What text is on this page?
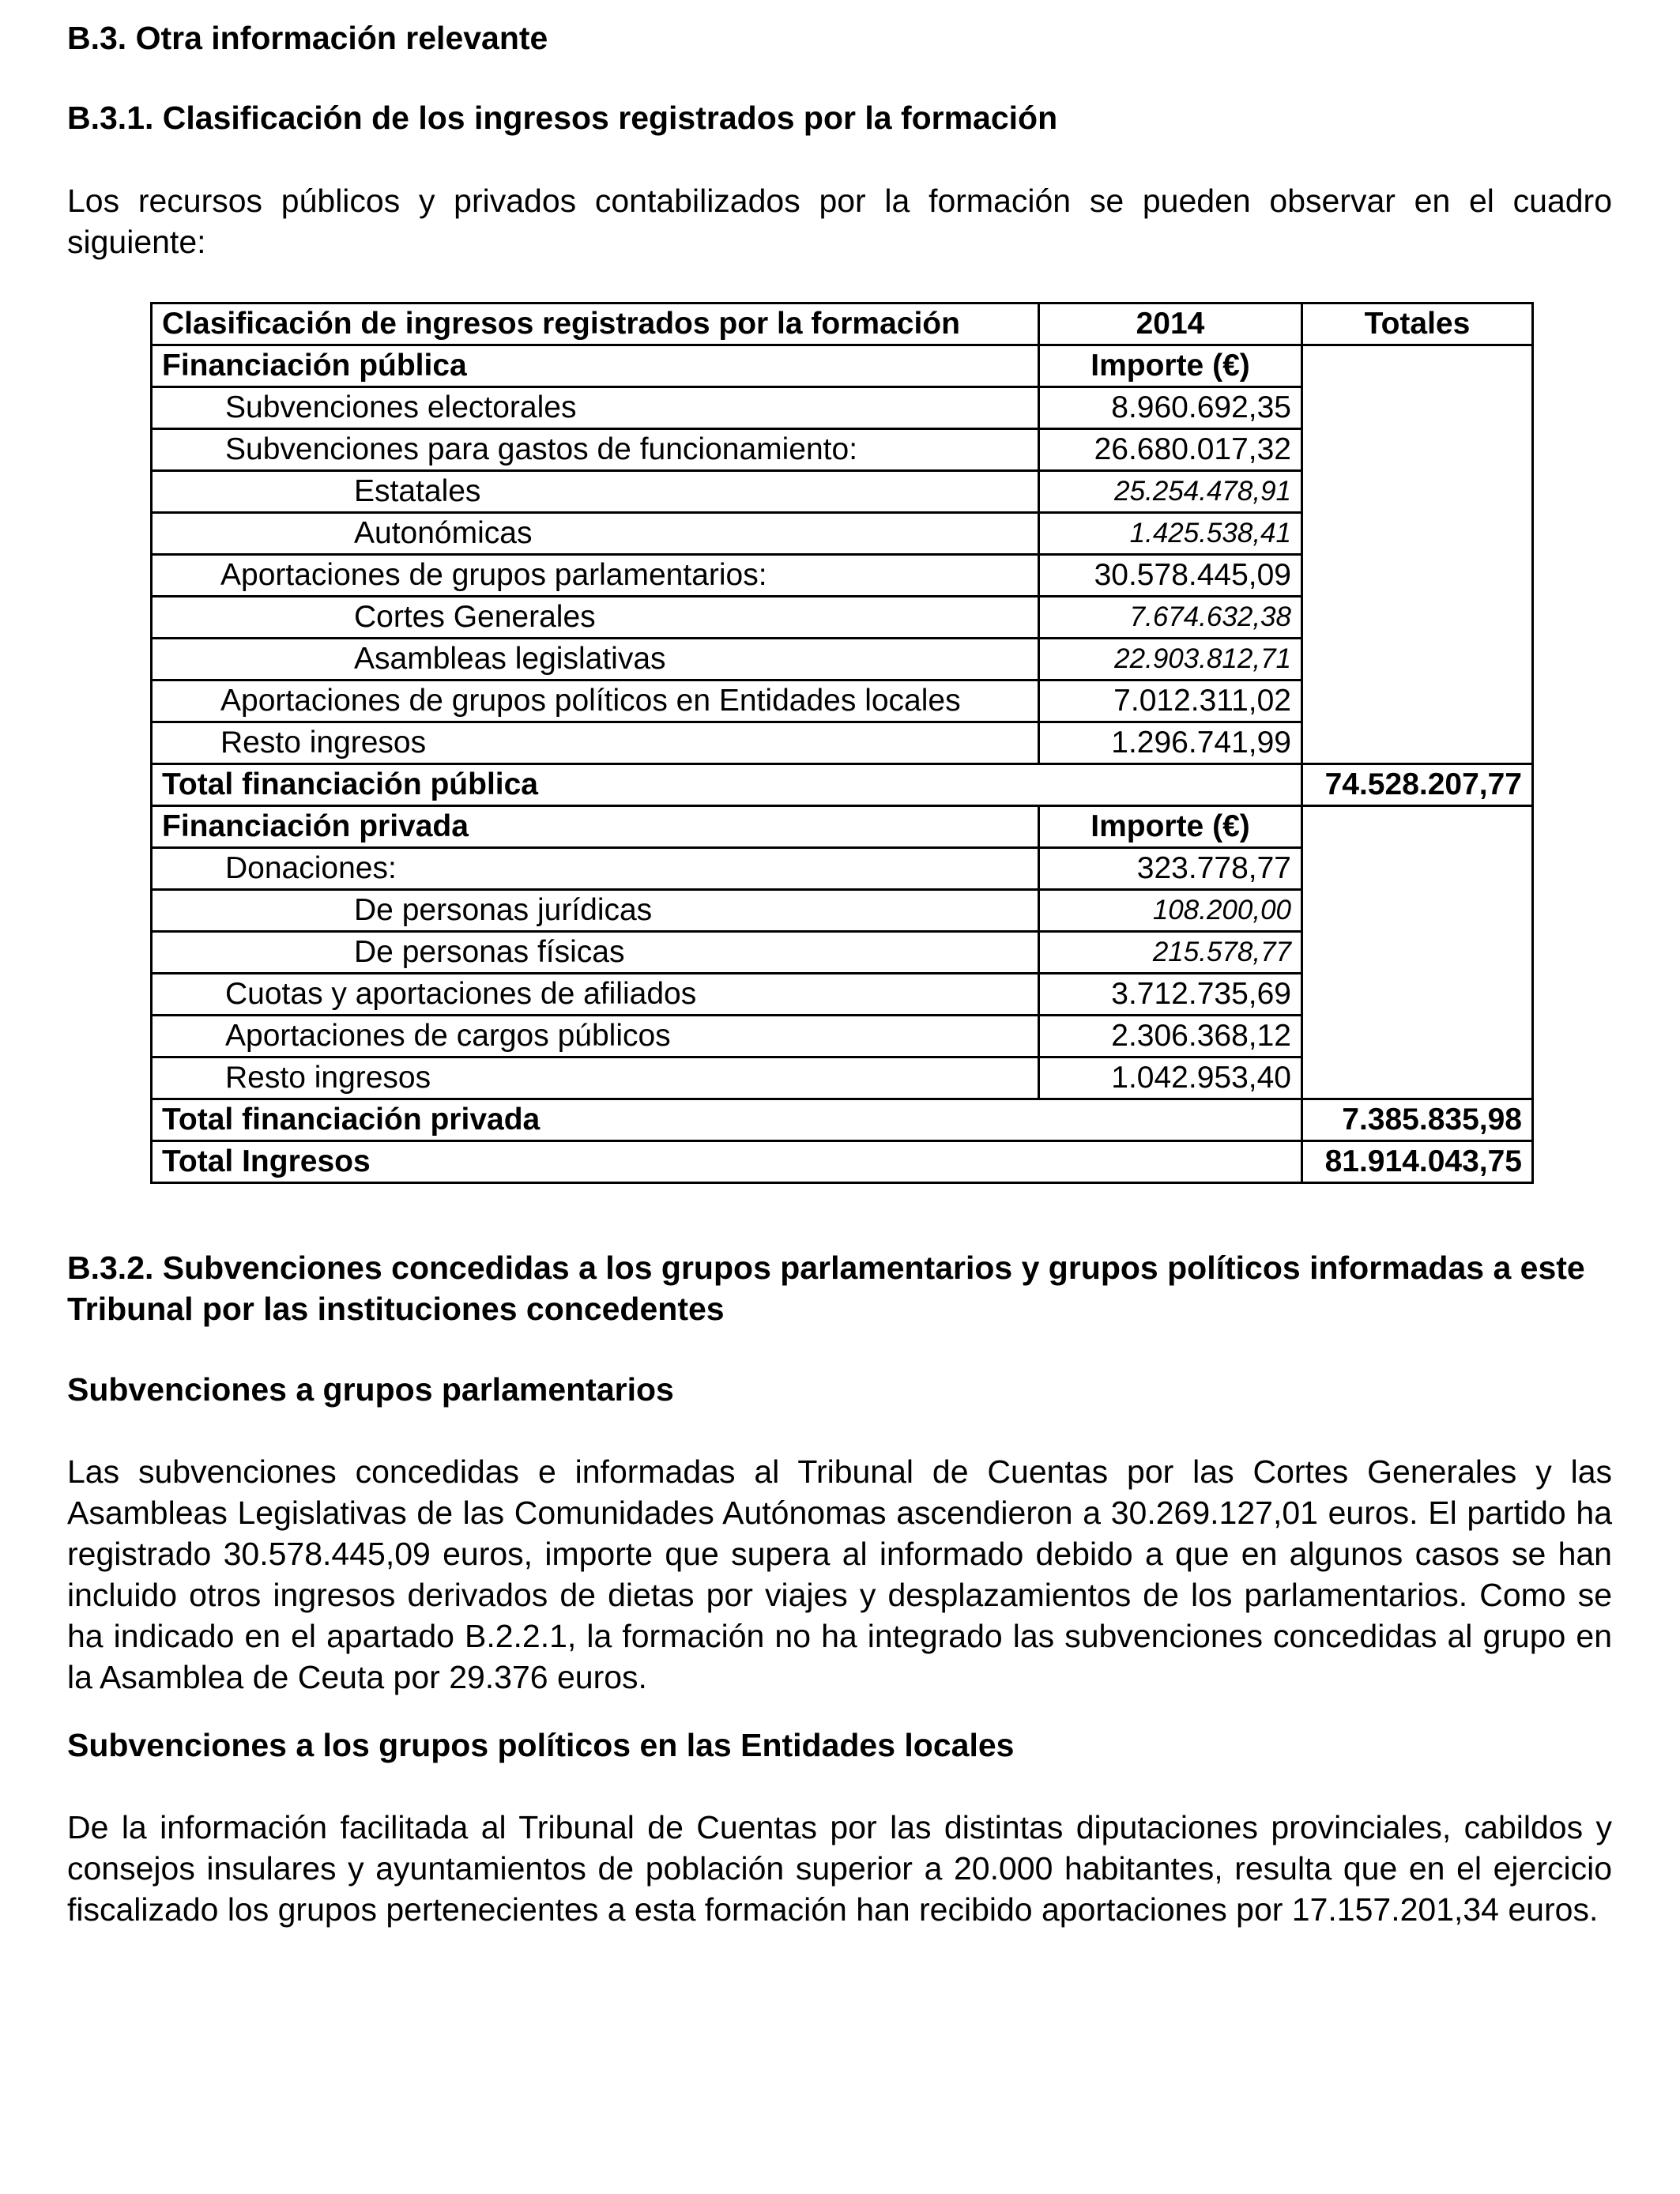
B.3. Otra información relevante
B.3.1. Clasificación de los ingresos registrados por la formación

Los recursos públicos y privados contabilizados por la formación se pueden observar en el cuadro siguiente:

Clasificación de ingresos registrados por la formación	2014	Totales
Financiación pública	Importe (€)	
Subvenciones electorales	8.960.692,35	
Subvenciones para gastos de funcionamiento:	26.680.017,32	
Estatales	25.254.478,91	
Autonómicas	1.425.538,41	
Aportaciones de grupos parlamentarios:	30.578.445,09	
Cortes Generales	7.674.632,38	
Asambleas legislativas	22.903.812,71	
Aportaciones de grupos políticos en Entidades locales	7.012.311,02	
Resto ingresos	1.296.741,99	
Total financiación pública		74.528.207,77
Financiación privada	Importe (€)	
Donaciones:	323.778,77	
De personas jurídicas	108.200,00	
De personas físicas	215.578,77	
Cuotas y aportaciones de afiliados	3.712.735,69	
Aportaciones de cargos públicos	2.306.368,12	
Resto ingresos	1.042.953,40	
Total financiación privada		7.385.835,98
Total Ingresos		81.914.043,75
B.3.2. Subvenciones concedidas a los grupos parlamentarios y grupos políticos informadas a este Tribunal por las instituciones concedentes
Subvenciones a grupos parlamentarios

Las subvenciones concedidas e informadas al Tribunal de Cuentas por las Cortes Generales y las Asambleas Legislativas de las Comunidades Autónomas ascendieron a 30.269.127,01 euros. El partido ha registrado 30.578.445,09 euros, importe que supera al informado debido a que en algunos casos se han incluido otros ingresos derivados de dietas por viajes y desplazamientos de los parlamentarios. Como se ha indicado en el apartado B.2.2.1, la formación no ha integrado las subvenciones concedidas al grupo en la Asamblea de Ceuta por 29.376 euros.

Subvenciones a los grupos políticos en las Entidades locales

De la información facilitada al Tribunal de Cuentas por las distintas diputaciones provinciales, cabildos y consejos insulares y ayuntamientos de población superior a 20.000 habitantes, resulta que en el ejercicio fiscalizado los grupos pertenecientes a esta formación han recibido aportaciones por 17.157.201,34 euros.
